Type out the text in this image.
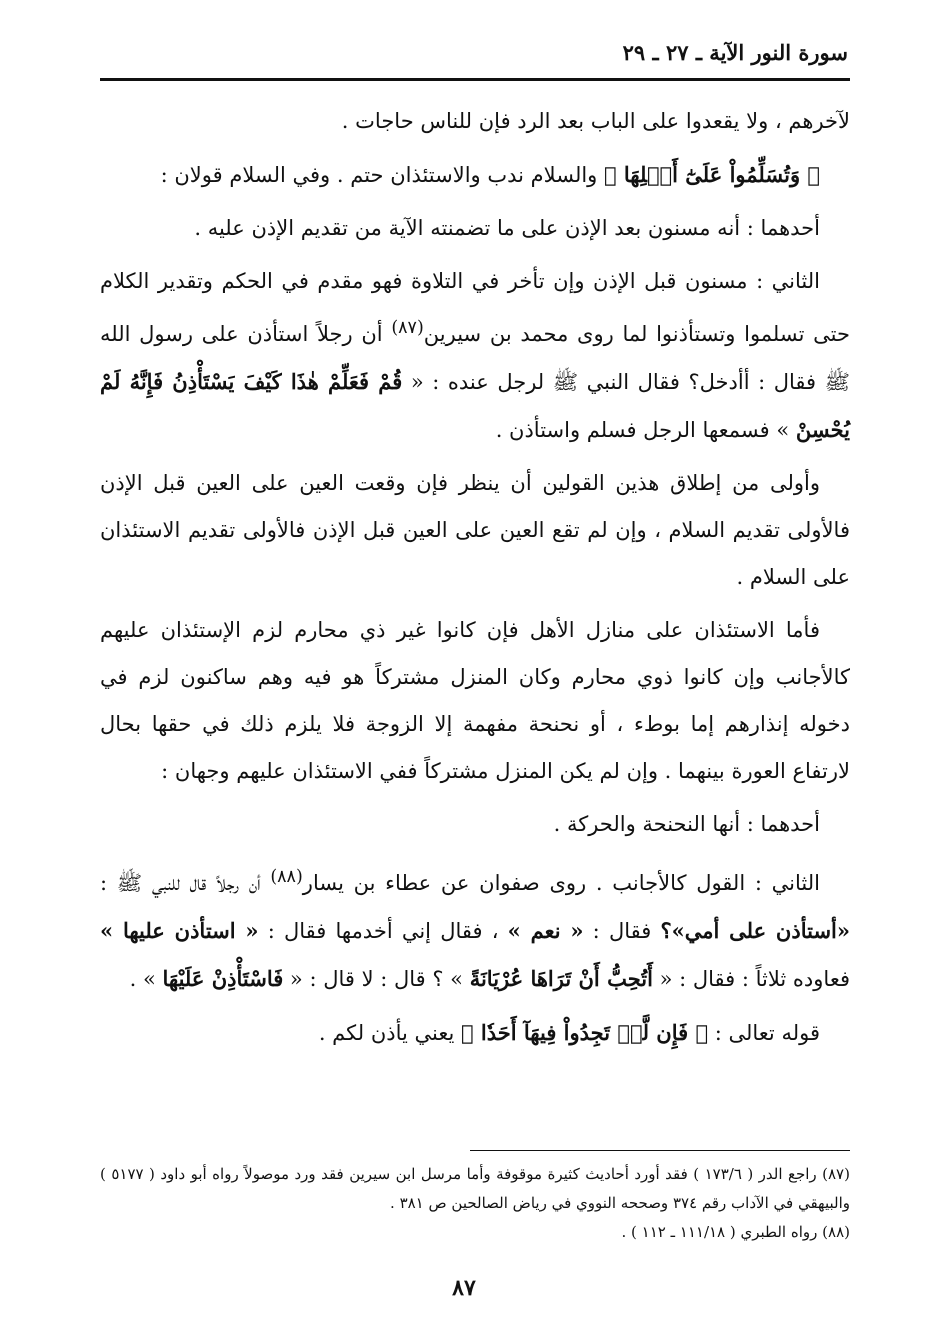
سورة النور الآية ـ ٢٧ ـ ٢٩

لآخرهم ، ولا يقعدوا على الباب بعد الرد فإن للناس حاجات .

﴿ وَتُسَلِّمُواْ عَلَىٰٓ أَهۡلِهَا ﴾ والسلام ندب والاستئذان حتم . وفي السلام قولان :

أحدهما : أنه مسنون بعد الإذن على ما تضمنته الآية من تقديم الإذن عليه .

الثاني : مسنون قبل الإذن وإن تأخر في التلاوة فهو مقدم في الحكم وتقدير الكلام حتى تسلموا وتستأذنوا لما روى محمد بن سيرين$^{(٨٧)}$ أن رجلاً استأذن على رسول الله ﷺ فقال : أأدخل؟ فقال النبي ﷺ لرجل عنده : « قُمْ فَعَلِّمْ هٰذَا كَيْفَ يَسْتَأْذِنُ فَإِنَّهُ لَمْ يُحْسِنْ » فسمعها الرجل فسلم واستأذن .

وأولى من إطلاق هذين القولين أن ينظر فإن وقعت العين على العين قبل الإذن فالأولى تقديم السلام ، وإن لم تقع العين على العين قبل الإذن فالأولى تقديم الاستئذان على السلام .

فأما الاستئذان على منازل الأهل فإن كانوا غير ذي محارم لزم الإستئذان عليهم كالأجانب وإن كانوا ذوي محارم وكان المنزل مشتركاً هو فيه وهم ساكنون لزم في دخوله إنذارهم إما بوطء ، أو نحنحة مفهمة إلا الزوجة فلا يلزم ذلك في حقها بحال لارتفاع العورة بينهما . وإن لم يكن المنزل مشتركاً ففي الاستئذان عليهم وجهان :

أحدهما : أنها النحنحة والحركة .

الثاني : القول كالأجانب . روى صفوان عن عطاء بن يسار$^{(٨٨)}$ أن رجلاً قال للنبي ﷺ : «أستأذن على أمي»؟ فقال : « نعم » ، فقال إني أخدمها فقال : « استأذن عليها » فعاوده ثلاثاً : فقال : « أَتُحِبُّ أَنْ تَرَاهَا عُرْيَانَةً » ؟ قال : لا قال : « فَاسْتَأْذِنْ عَلَيْهَا » .

قوله تعالى : ﴿ فَإِن لَّمۡ تَجِدُواْ فِيهَآ أَحَدٗا ﴾ يعني يأذن لكم .

(٨٧) راجع الدر ( ١٧٣/٦ ) فقد أورد أحاديث كثيرة موقوفة وأما مرسل ابن سيرين فقد ورد موصولاً رواه أبو داود ( ٥١٧٧ ) والبيهقي في الآداب رقم ٣٧٤ وصححه النووي في رياض الصالحين ص ٣٨١ .

(٨٨) رواه الطبري ( ١١١/١٨ ـ ١١٢ ) .

٨٧
